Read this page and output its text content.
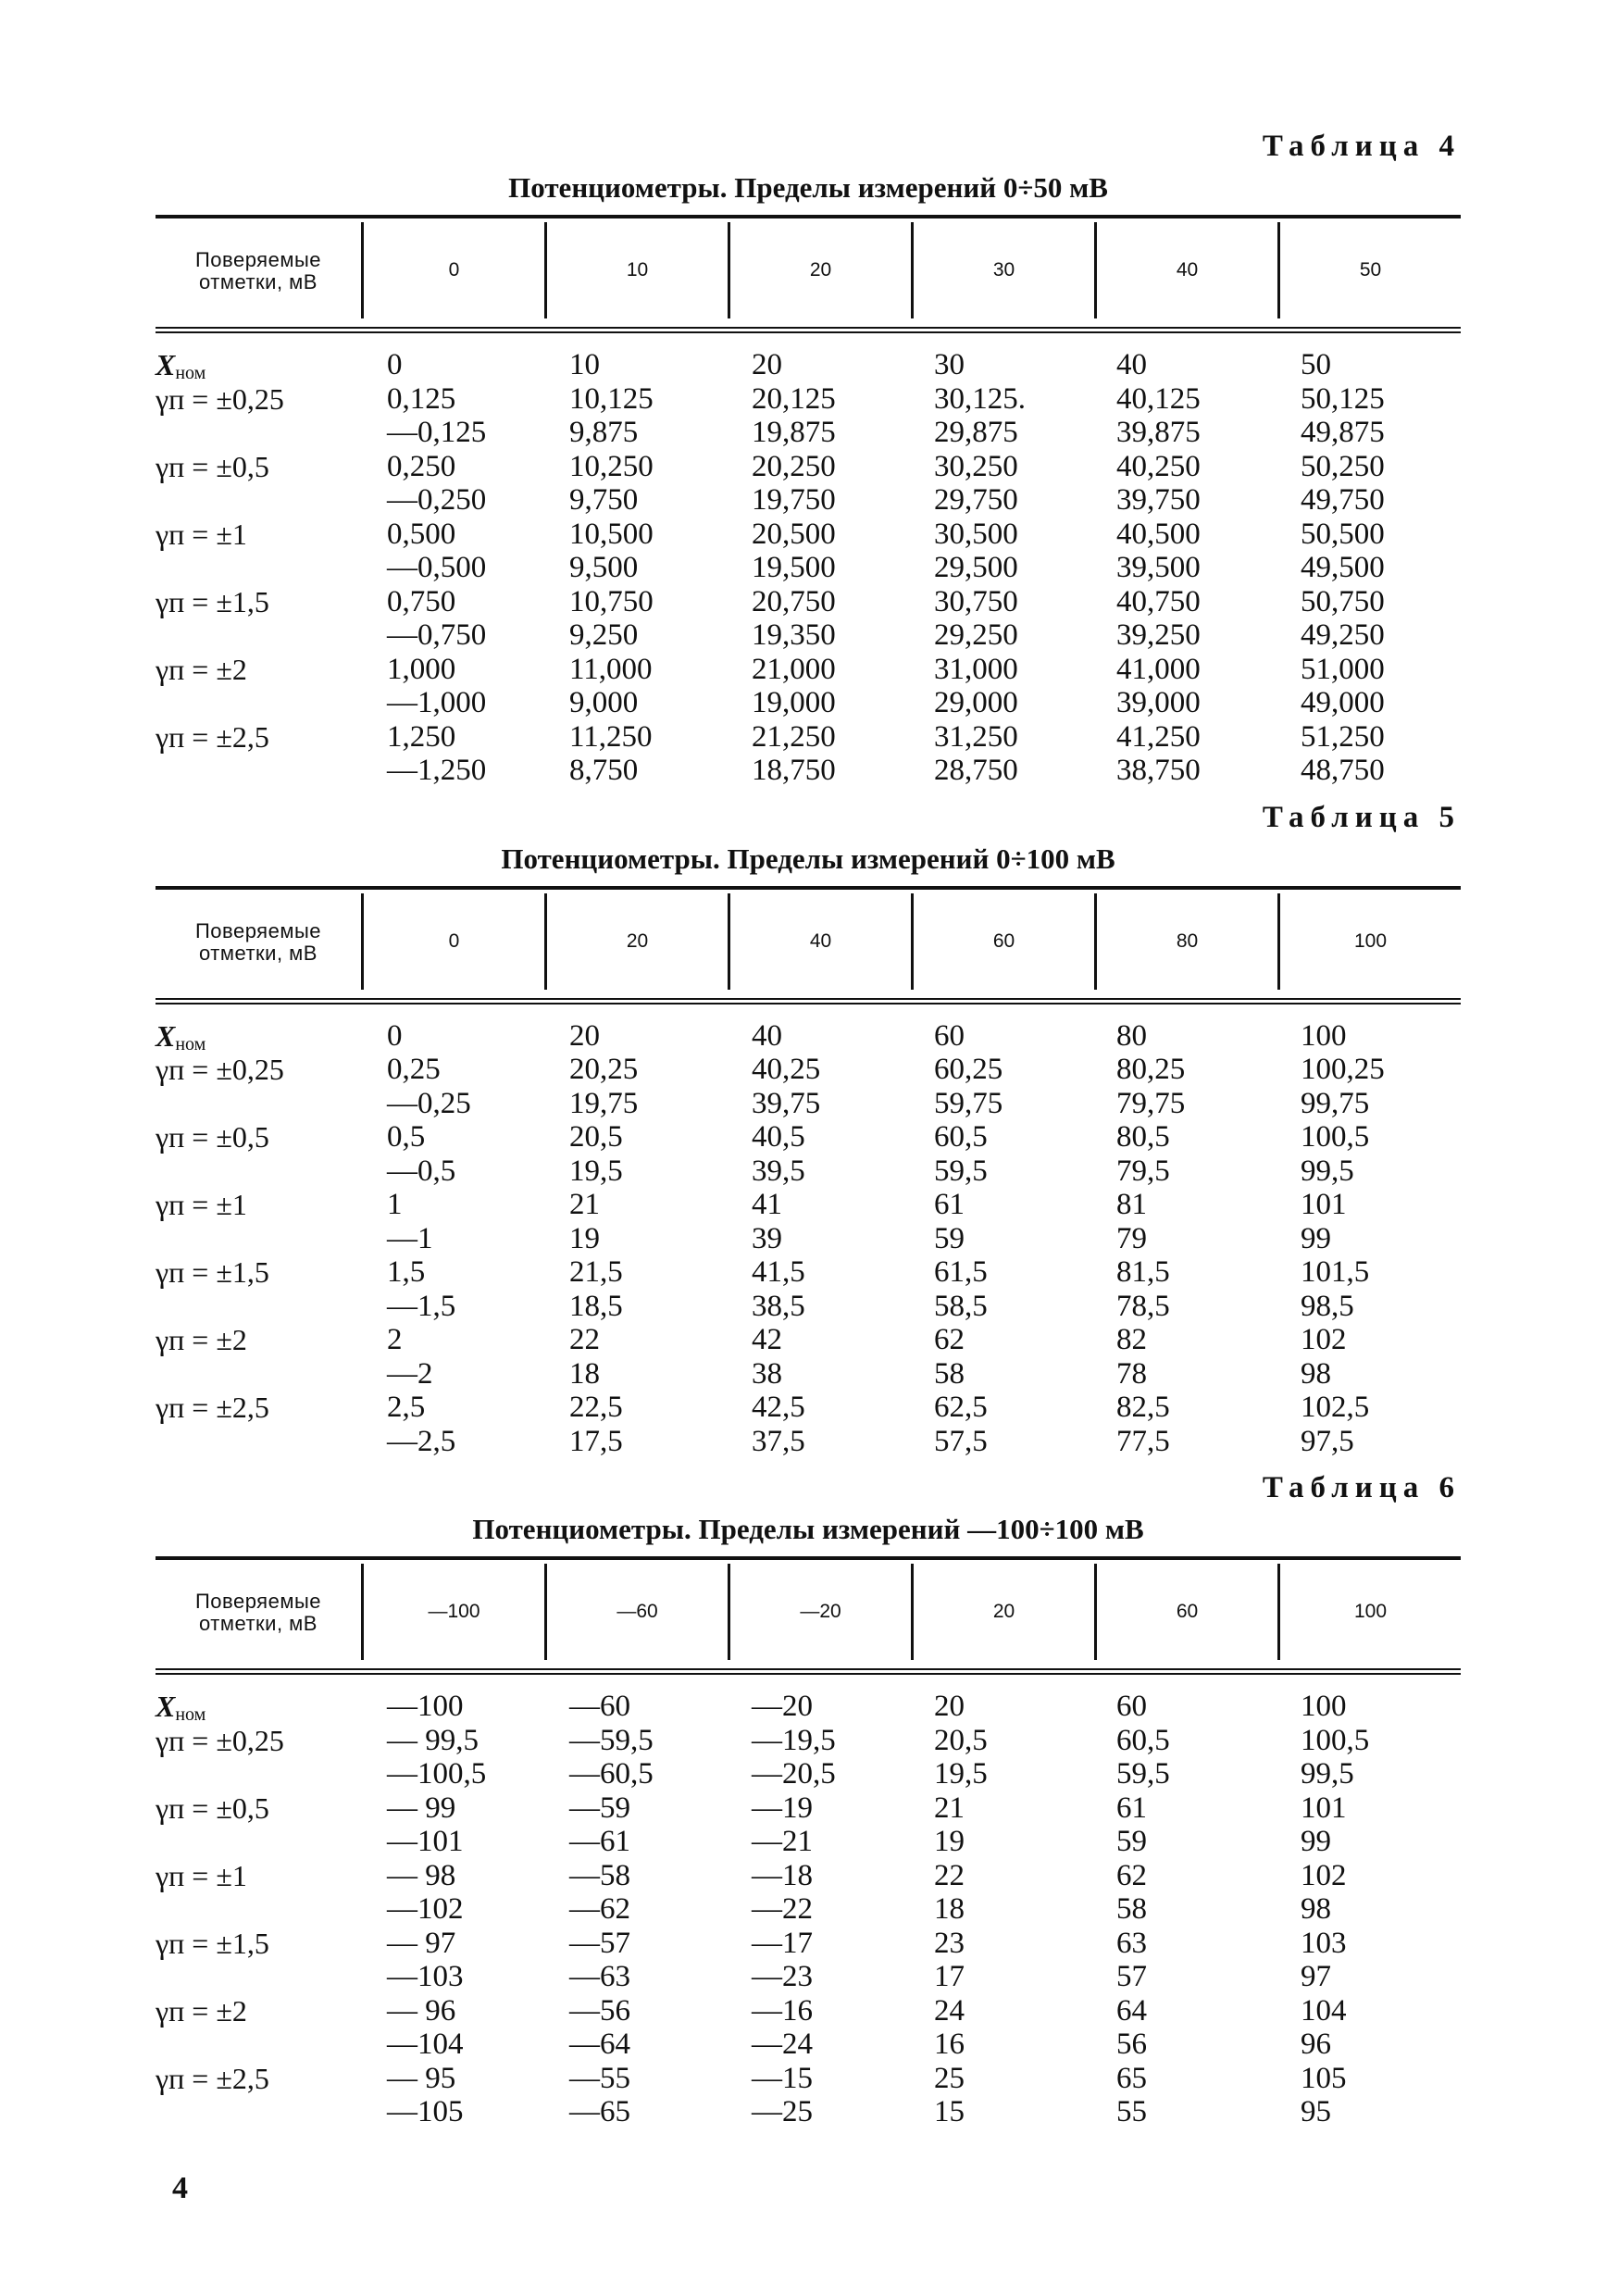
Таблица 4
Потенциометры. Пределы измерений 0÷50 мВ
Поверяемые
отметки, мВ
0	10	20	30	40	50
$X_{ном}$	0	10	20	30	40	50
γп = ±0,25	0,125	10,125	20,125	30,125.	40,125	50,125
—0,125	9,875	19,875	29,875	39,875	49,875
γп = ±0,5	0,250	10,250	20,250	30,250	40,250	50,250
—0,250	9,750	19,750	29,750	39,750	49,750
γп = ±1	0,500	10,500	20,500	30,500	40,500	50,500
—0,500	9,500	19,500	29,500	39,500	49,500
γп = ±1,5	0,750	10,750	20,750	30,750	40,750	50,750
—0,750	9,250	19,350	29,250	39,250	49,250
γп = ±2	1,000	11,000	21,000	31,000	41,000	51,000
—1,000	9,000	19,000	29,000	39,000	49,000
γп = ±2,5	1,250	11,250	21,250	31,250	41,250	51,250
—1,250	8,750	18,750	28,750	38,750	48,750
Таблица 5
Потенциометры. Пределы измерений 0÷100 мВ
Поверяемые
отметки, мВ
0	20	40	60	80	100
$X_{ном}$	0	20	40	60	80	100
γп = ±0,25	0,25	20,25	40,25	60,25	80,25	100,25
—0,25	19,75	39,75	59,75	79,75	99,75
γп = ±0,5	0,5	20,5	40,5	60,5	80,5	100,5
—0,5	19,5	39,5	59,5	79,5	99,5
γп = ±1	1	21	41	61	81	101
—1	19	39	59	79	99
γп = ±1,5	1,5	21,5	41,5	61,5	81,5	101,5
—1,5	18,5	38,5	58,5	78,5	98,5
γп = ±2	2	22	42	62	82	102
—2	18	38	58	78	98
γп = ±2,5	2,5	22,5	42,5	62,5	82,5	102,5
—2,5	17,5	37,5	57,5	77,5	97,5
Таблица 6
Потенциометры. Пределы измерений —100÷100 мВ
Поверяемые
отметки, мВ
—100	—60	—20	20	60	100
$X_{ном}$	—100	—60	—20	20	60	100
γп = ±0,25	— 99,5	—59,5	—19,5	20,5	60,5	100,5
—100,5	—60,5	—20,5	19,5	59,5	99,5
γп = ±0,5	— 99	—59	—19	21	61	101
—101	—61	—21	19	59	99
γп = ±1	— 98	—58	—18	22	62	102
—102	—62	—22	18	58	98
γп = ±1,5	— 97	—57	—17	23	63	103
—103	—63	—23	17	57	97
γп = ±2	— 96	—56	—16	24	64	104
—104	—64	—24	16	56	96
γп = ±2,5	— 95	—55	—15	25	65	105
—105	—65	—25	15	55	95
4
